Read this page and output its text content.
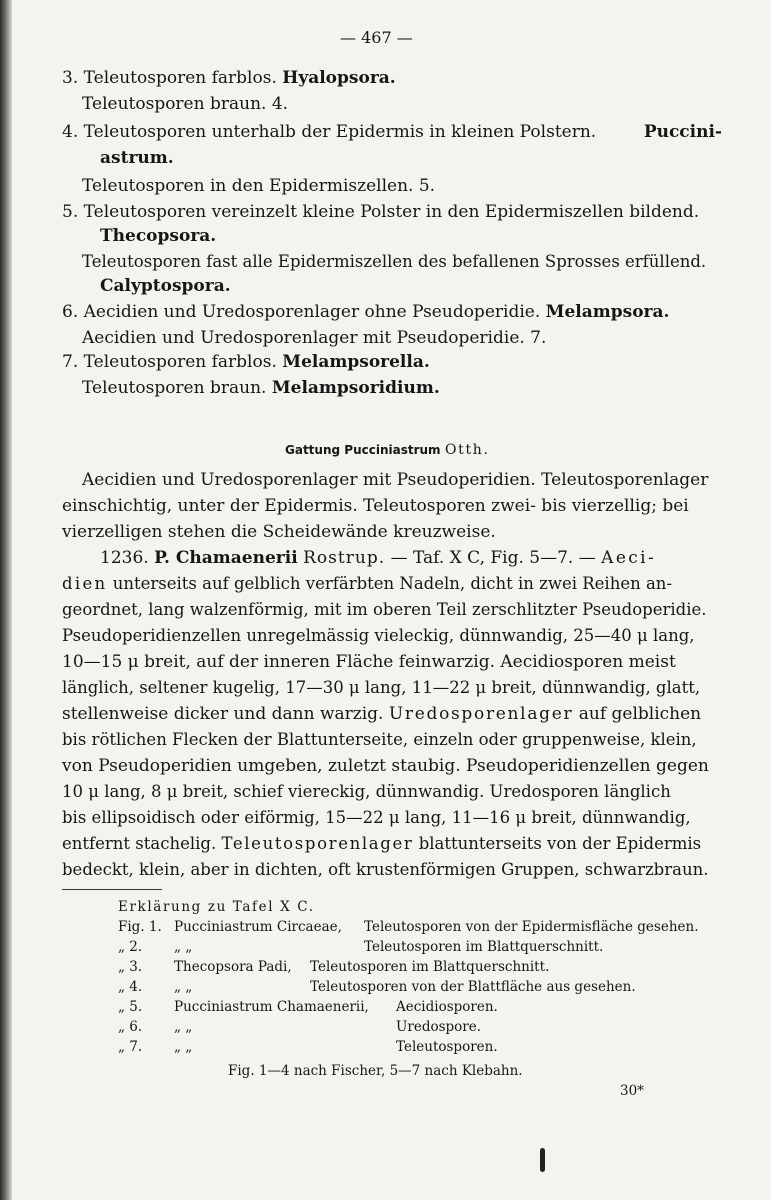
— 467 —
3. Teleutosporen farblos. Hyalopsora.
Teleutosporen braun. 4.
4. Teleutosporen unterhalb der Epidermis in kleinen Polstern.	Puccini-
astrum.
Teleutosporen in den Epidermiszellen. 5.
5. Teleutosporen vereinzelt kleine Polster in den Epidermiszellen bildend.
Thecopsora.
Teleutosporen fast alle Epidermiszellen des befallenen Sprosses erfüllend.
Calyptospora.
6. Aecidien und Uredosporenlager ohne Pseudoperidie. Melampsora.
Aecidien und Uredosporenlager mit Pseudoperidie. 7.
7. Teleutosporen farblos. Melampsorella.
Teleutosporen braun. Melampsoridium.
Gattung Pucciniastrum Otth.
Aecidien und Uredosporenlager mit Pseudoperidien. Teleutosporenlager
einschichtig, unter der Epidermis. Teleutosporen zwei- bis vierzellig; bei
vierzelligen stehen die Scheidewände kreuzweise.
1236. P. Chamaenerii Rostrup. — Taf. X C, Fig. 5—7. — Aeci-
dien unterseits auf gelblich verfärbten Nadeln, dicht in zwei Reihen an-
geordnet, lang walzenförmig, mit im oberen Teil zerschlitzter Pseudoperidie.
Pseudoperidienzellen unregelmässig vieleckig, dünnwandig, 25—40 μ lang,
10—15 μ breit, auf der inneren Fläche feinwarzig. Aecidiosporen meist
länglich, seltener kugelig, 17—30 μ lang, 11—22 μ breit, dünnwandig, glatt,
stellenweise dicker und dann warzig. Uredosporenlager auf gelblichen
bis rötlichen Flecken der Blattunterseite, einzeln oder gruppenweise, klein,
von Pseudoperidien umgeben, zuletzt staubig. Pseudoperidienzellen gegen
10 μ lang, 8 μ breit, schief viereckig, dünnwandig. Uredosporen länglich
bis ellipsoidisch oder eiförmig, 15—22 μ lang, 11—16 μ breit, dünnwandig,
entfernt stachelig. Teleutosporenlager blattunterseits von der Epidermis
bedeckt, klein, aber in dichten, oft krustenförmigen Gruppen, schwarzbraun.
Erklärung zu Tafel X C.
Fig. 1. Pucciniastrum Circaeae, Teleutosporen von der Epidermisfläche gesehen.
„ 2. „ „	Teleutosporen im Blattquerschnitt.
„ 3. Thecopsora Padi, Teleutosporen im Blattquerschnitt.
„ 4. „ „	Teleutosporen von der Blattfläche aus gesehen.
„ 5. Pucciniastrum Chamaenerii, Aecidiosporen.
„ 6. „ „	Uredospore.
„ 7. „ „	Teleutosporen.
Fig. 1—4 nach Fischer, 5—7 nach Klebahn.
30*
